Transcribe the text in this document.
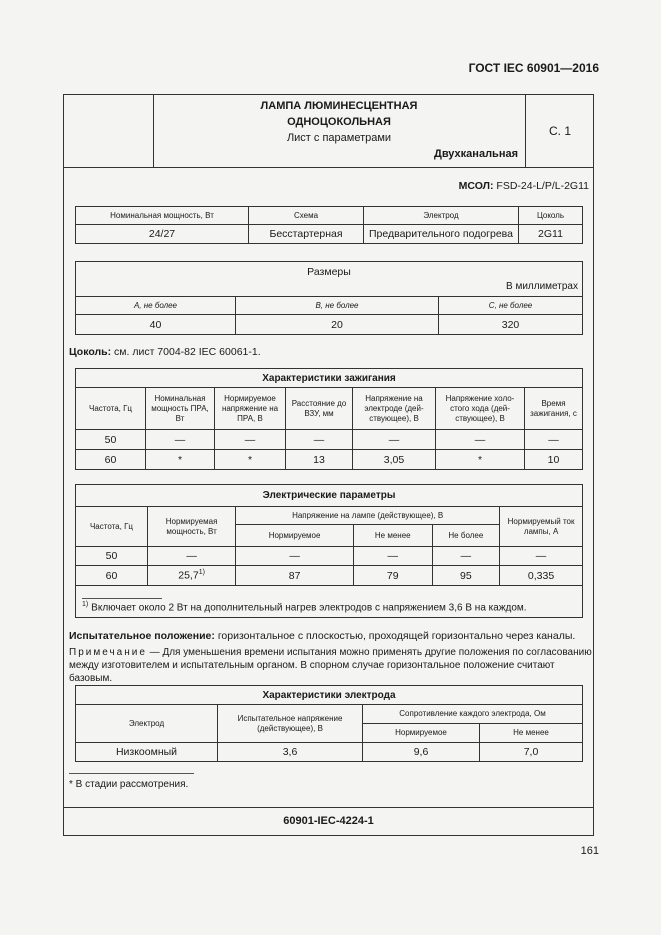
ГОСТ IEC 60901—2016
ЛАМПА ЛЮМИНЕСЦЕНТНАЯ
ОДНОЦОКОЛЬНАЯ
Лист с параметрами
Двухканальная
С. 1
МСОЛ: FSD-24-L/P/L-2G11
Номинальная мощность, Вт	Схема	Электрод	Цоколь
24/27	Бесстартерная	Предварительного подогрева	2G11
Размеры
В миллиметрах		

A, не более	B, не более	C, не более
40	20	320
Цоколь: см. лист 7004-82 IEC 60061-1.
Характеристики зажигания						
Частота, Гц	Номинальная мощность ПРА, Вт	Нормируемое напряжение на ПРА, В	Расстояние до ВЗУ, мм	Напряжение на электроде (дей-ствующее), В	Напряжение холо-стого хода (дей-ствующее), В	Время зажигания, с
50	—	—	—	—	—	—
60	*	*	13	3,05	*	10
Электрические параметры					
Частота, Гц	Нормируемая мощность, Вт	Напряжение на лампе (действующее), В			Нормируемый ток лампы, А
		Нормируемое	Не менее	Не более	
50	—	—	—	—	—
60	25,7$^{1)}$	87	79	95	0,335
$^{1)}$ Включает около 2 Вт на дополнительный нагрев электродов с напряжением 3,6 В на каждом.					
Испытательное положение: горизонтальное с плоскостью, проходящей горизонтально через каналы.
Примечание — Для уменьшения времени испытания можно применять другие положения по согласованию между изготовителем и испытательным органом. В спорном случае горизонтальное положение считают базовым.
Характеристики электрода			
Электрод	Испытательное напряжение (действующее), В	Сопротивление каждого электрода, Ом	
		Нормируемое	Не менее
Низкоомный	3,6	9,6	7,0
* В стадии рассмотрения.
60901-IEC-4224-1
161
